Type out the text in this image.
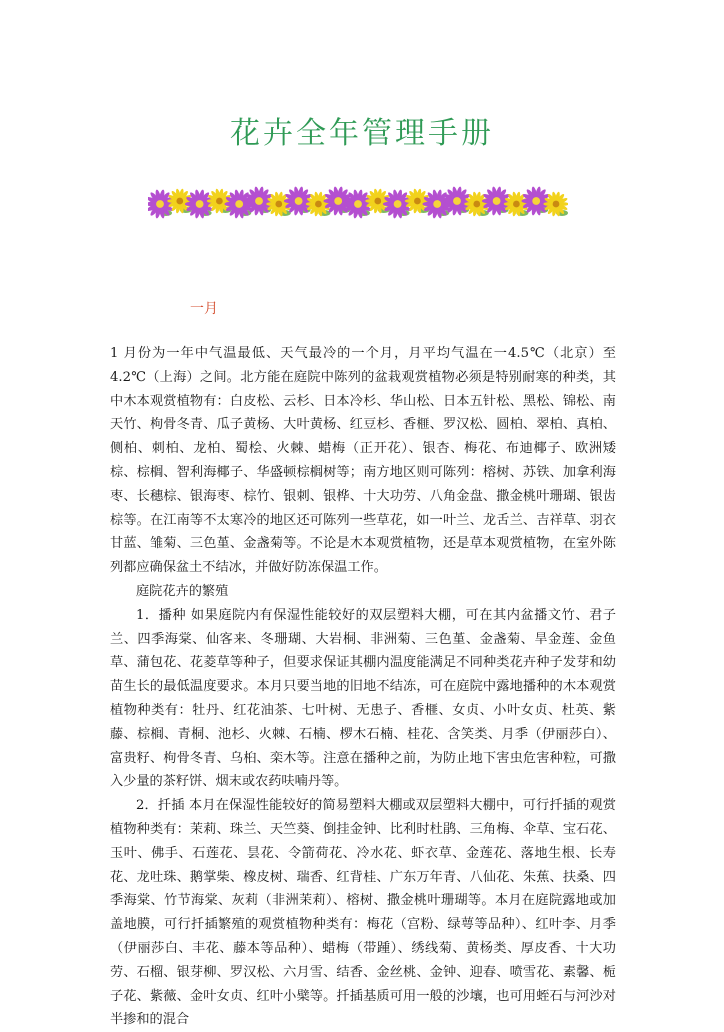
花卉全年管理手册
一月

1 月份为一年中气温最低、天气最冷的一个月，月平均气温在一4.5℃（北京）至 4.2℃（上海）之间。北方能在庭院中陈列的盆栽观赏植物必须是特别耐寒的种类，其中木本观赏植物有：白皮松、云杉、日本冷杉、华山松、日本五针松、黑松、锦松、南天竹、枸骨冬青、瓜子黄杨、大叶黄杨、红豆杉、香榧、罗汉松、圆柏、翠柏、真柏、侧柏、刺柏、龙柏、蜀桧、火棘、蜡梅（正开花）、银杏、梅花、布迪椰子、欧洲矮棕、棕榈、智利海椰子、华盛顿棕榈树等；南方地区则可陈列：榕树、苏铁、加拿利海枣、长穗棕、银海枣、棕竹、银刺、银桦、十大功劳、八角金盘、撒金桃叶珊瑚、银齿棕等。在江南等不太寒冷的地区还可陈列一些草花，如一叶兰、龙舌兰、吉祥草、羽衣甘蓝、雏菊、三色堇、金盏菊等。不论是木本观赏植物，还是草本观赏植物，在室外陈列都应确保盆土不结冰，并做好防冻保温工作。

庭院花卉的繁殖

1．播种 如果庭院内有保湿性能较好的双层塑料大棚，可在其内盆播文竹、君子兰、四季海棠、仙客来、冬珊瑚、大岩桐、非洲菊、三色堇、金盏菊、旱金莲、金鱼草、蒲包花、花菱草等种子，但要求保证其棚内温度能满足不同种类花卉种子发芽和幼苗生长的最低温度要求。本月只要当地的旧地不结冻，可在庭院中露地播种的木本观赏植物种类有：牡丹、红花油茶、七叶树、无患子、香榧、女贞、小叶女贞、杜英、紫藤、棕榈、青桐、池杉、火棘、石楠、椤木石楠、桂花、含笑类、月季（伊丽莎白）、富贵籽、枸骨冬青、乌桕、栾木等。注意在播种之前，为防止地下害虫危害种粒，可撒入少量的茶籽饼、烟末或农药呋喃丹等。

2．扦插 本月在保湿性能较好的简易塑料大棚或双层塑料大棚中，可行扦插的观赏植物种类有：茉莉、珠兰、天竺葵、倒挂金钟、比利时杜鹃、三角梅、伞草、宝石花、玉叶、佛手、石莲花、昙花、令箭荷花、冷水花、虾衣草、金莲花、落地生根、长寿花、龙吐珠、鹅掌柴、橡皮树、瑞香、红背桂、广东万年青、八仙花、朱蕉、扶桑、四季海棠、竹节海棠、灰莉（非洲茉莉）、榕树、撒金桃叶珊瑚等。本月在庭院露地或加盖地膜，可行扦插繁殖的观赏植物种类有：梅花（宫粉、绿萼等品种）、红叶李、月季（伊丽莎白、丰花、藤本等品种）、蜡梅（带踵）、绣线菊、黄杨类、厚皮香、十大功劳、石榴、银芽柳、罗汉松、六月雪、结香、金丝桃、金钟、迎春、喷雪花、素馨、栀子花、紫薇、金叶女贞、红叶小檗等。扦插基质可用一般的沙壤，也可用蛭石与河沙对半掺和的混合
